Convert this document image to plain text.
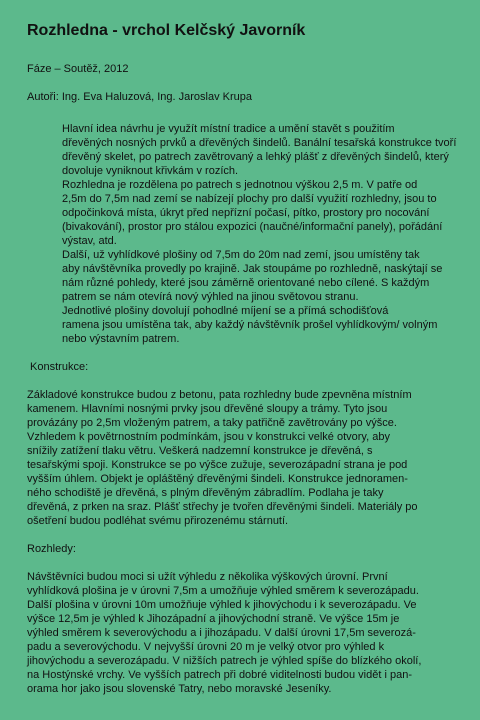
Rozhledna - vrchol Kelčský Javorník

Fáze – Soutěž, 2012

Autoři: Ing. Eva Haluzová, Ing. Jaroslav Krupa

Hlavní idea návrhu je využít místní tradice a umění stavět s použitím
dřevěných nosných prvků a dřevěných šindelů. Banální tesařská konstrukce tvoří
dřevěný skelet, po patrech zavětrovaný a lehký plášť z dřevěných šindelů, který
dovoluje vyniknout křivkám v rozích.

Rozhledna je rozdělena po patrech s jednotnou výškou 2,5 m. V patře od
2,5m do 7,5m nad zemí se nabízejí plochy pro další využití rozhledny, jsou to
odpočinková místa, úkryt před nepřízní počasí, pítko, prostory pro nocování
(bivakování), prostor pro stálou expozici (naučné/informační panely), pořádání
výstav, atd.

Další, už vyhlídkové plošiny od 7,5m do 20m nad zemí, jsou umístěny tak
aby návštěvníka provedly po krajině. Jak stoupáme po rozhledně, naskýtají se
nám různé pohledy, které jsou záměrně orientované nebo cílené. S každým
patrem se nám otevírá nový výhled na jinou světovou stranu.

Jednotlivé plošiny dovolují pohodlné míjení se a přímá schodišťová
ramena jsou umístěna tak, aby každý návštěvník prošel vyhlídkovým/ volným
nebo výstavním patrem.

Konstrukce:

Základové konstrukce budou z betonu, pata rozhledny bude zpevněna místním
kamenem. Hlavními nosnými prvky jsou dřevěné sloupy a trámy. Tyto jsou
provázány po 2,5m vloženým patrem, a taky patřičně zavětrovány po výšce.
Vzhledem k povětrnostním podmínkám, jsou v konstrukci velké otvory, aby
snížily zatížení tlaku větru. Veškerá nadzemní konstrukce je dřevěná, s
tesařskými spoji. Konstrukce se po výšce zužuje, severozápadní strana je pod
vyšším úhlem. Objekt je opláštěný dřevěnými šindeli. Konstrukce jednoramen-
ného schodiště je dřevěná, s plným dřevěným zábradlím. Podlaha je taky
dřevěná, z prken na sraz. Plášť střechy je tvořen dřevěnými šindeli. Materiály po
ošetření budou podléhat svému přirozenému stárnutí.

Rozhledy:

Návštěvníci budou moci si užít výhledu z několika výškových úrovní. První
vyhlídková plošina je v úrovni 7,5m a umožňuje výhled směrem k severozápadu.
Další plošina v úrovni 10m umožňuje výhled k jihovýchodu i k severozápadu. Ve
výšce 12,5m je výhled k Jihozápadní a jihovýchodní straně. Ve výšce 15m je
výhled směrem k severovýchodu a i jihozápadu. V další úrovni 17,5m severozá-
padu a severovýchodu. V nejvyšší úrovni 20 m je velký otvor pro výhled k
jihovýchodu a severozápadu. V nižších patrech je výhled spíše do blízkého okolí,
na Hostýnské vrchy. Ve vyšších patrech při dobré viditelnosti budou vidět i pan-
orama hor jako jsou slovenské Tatry, nebo moravské Jeseníky.
